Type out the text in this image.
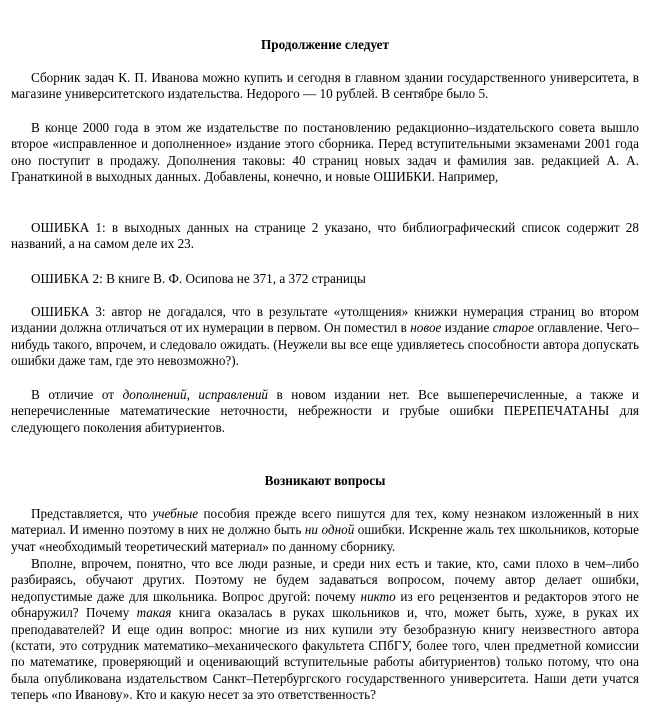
Продолжение следует

Сборник задач К. П. Иванова можно купить и сегодня в главном здании государственного университета, в магазине университетского издательства. Недорого — 10 рублей. В сентябре было 5.

В конце 2000 года в этом же издательстве по постановлению редакционно–издательского совета вышло второе «исправленное и дополненное» издание этого сборника. Перед вступительными экзаменами 2001 года оно поступит в продажу. Дополнения таковы: 40 страниц новых задач и фамилия зав. редакцией А. А. Гранаткиной в выходных данных. Добавлены, конечно, и новые ОШИБКИ. Например,

ОШИБКА 1: в выходных данных на странице 2 указано, что библиографический список содержит 28 названий, а на самом деле их 23.

ОШИБКА 2: В книге В. Ф. Осипова не 371, а 372 страницы

ОШИБКА 3: автор не догадался, что в результате «утолщения» книжки нумерация страниц во втором издании должна отличаться от их нумерации в первом. Он поместил в новое издание старое оглавление. Чего–нибудь такого, впрочем, и следовало ожидать. (Неужели вы все еще удивляетесь способности автора допускать ошибки даже там, где это невозможно?).

В отличие от дополнений, исправлений в новом издании нет. Все вышеперечисленные, а также и неперечисленные математические неточности, небрежности и грубые ошибки ПЕРЕПЕЧАТАНЫ для следующего поколения абитуриентов.

Возникают вопросы

Представляется, что учебные пособия прежде всего пишутся для тех, кому незнаком изложенный в них материал. И именно поэтому в них не должно быть ни одной ошибки. Искренне жаль тех школьников, которые учат «необходимый теоретический материал» по данному сборнику.

Вполне, впрочем, понятно, что все люди разные, и среди них есть и такие, кто, сами плохо в чем–либо разбираясь, обучают других. Поэтому не будем задаваться вопросом, почему автор делает ошибки, недопустимые даже для школьника. Вопрос другой: почему никто из его рецензентов и редакторов этого не обнаружил? Почему такая книга оказалась в руках школьников и, что, может быть, хуже, в руках их преподавателей? И еще один вопрос: многие из них купили эту безобразную книгу неизвестного автора (кстати, это сотрудник математико–механического факультета СПбГУ, более того, член предметной комиссии по математике, проверяющий и оценивающий вступительные работы абитуриентов) только потому, что она была опубликована издательством Санкт–Петербургского государственного университета. Наши дети учатся теперь «по Иванову». Кто и какую несет за это ответственность?
